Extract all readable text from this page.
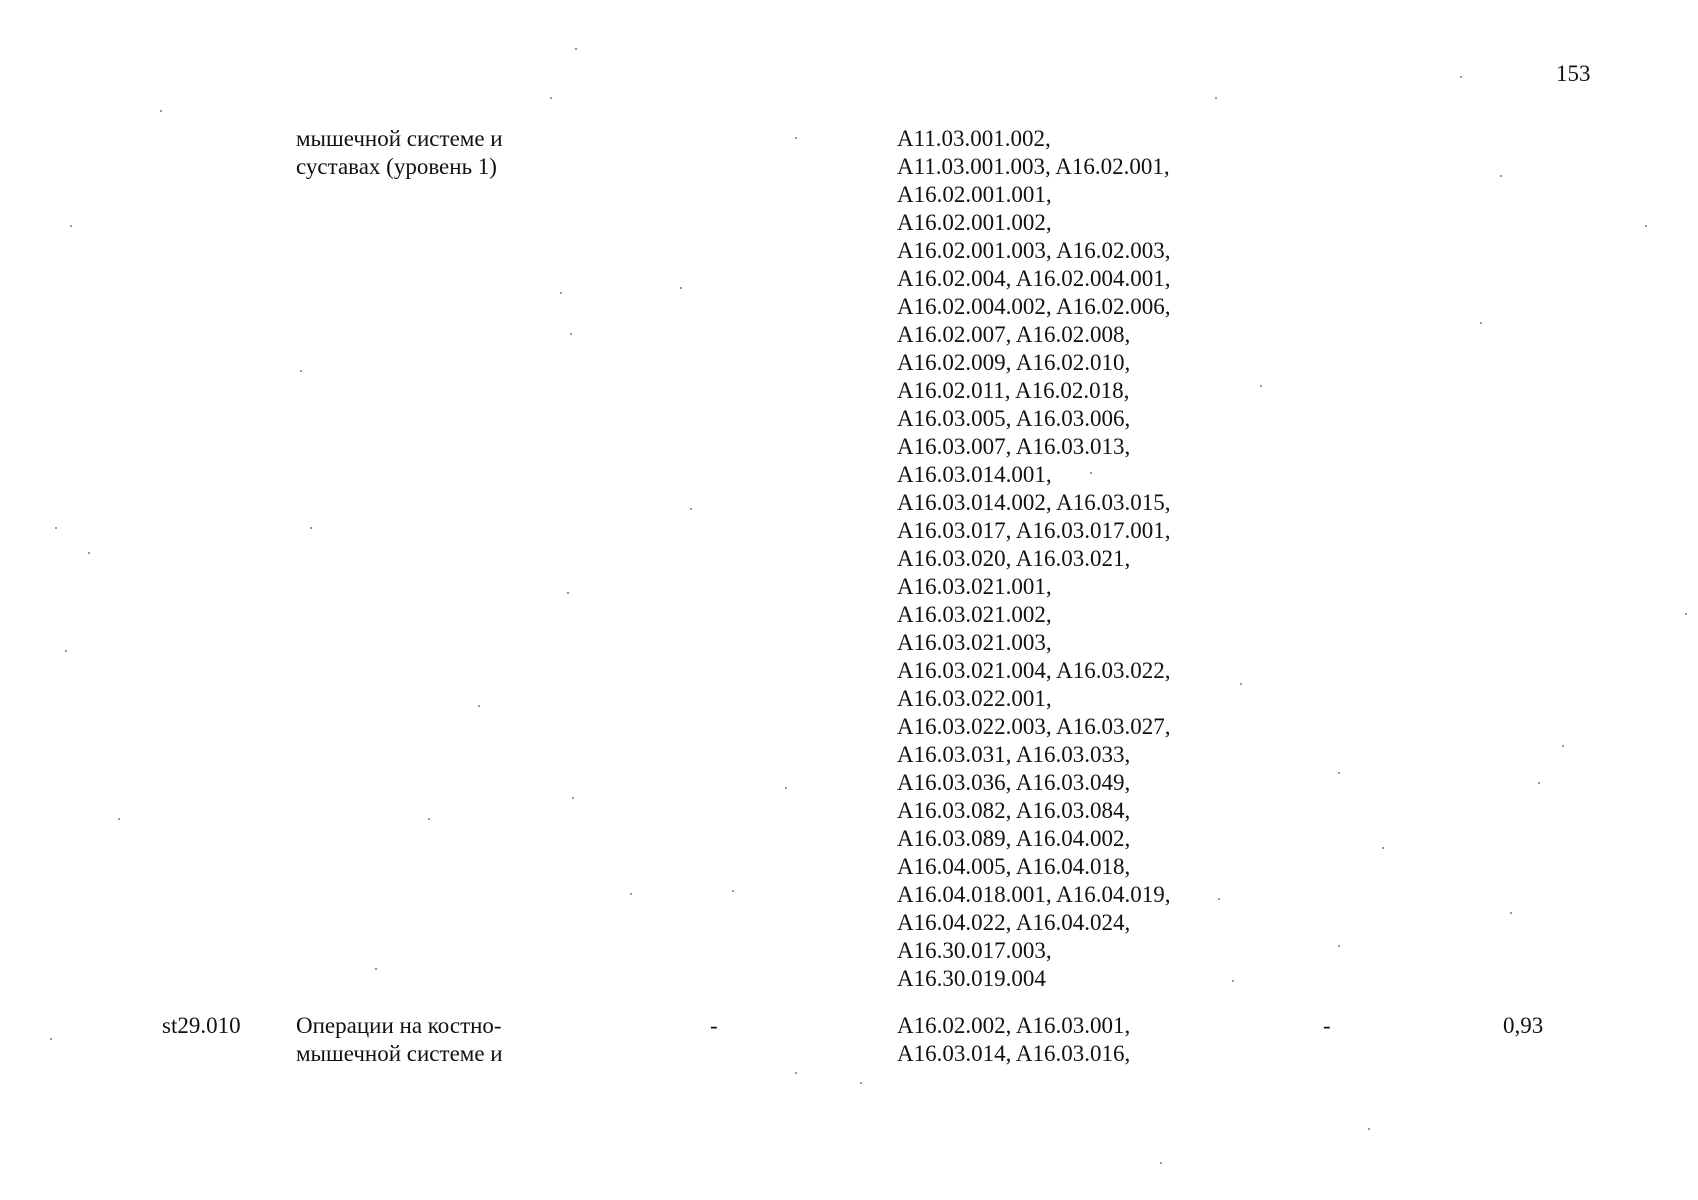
153
мышечной системе и
суставах (уровень 1)
A11.03.001.002,
A11.03.001.003, A16.02.001,
A16.02.001.001,
A16.02.001.002,
A16.02.001.003, A16.02.003,
A16.02.004, A16.02.004.001,
A16.02.004.002, A16.02.006,
A16.02.007, A16.02.008,
A16.02.009, A16.02.010,
A16.02.011, A16.02.018,
A16.03.005, A16.03.006,
A16.03.007, A16.03.013,
A16.03.014.001,
A16.03.014.002, A16.03.015,
A16.03.017, A16.03.017.001,
A16.03.020, A16.03.021,
A16.03.021.001,
A16.03.021.002,
A16.03.021.003,
A16.03.021.004, A16.03.022,
A16.03.022.001,
A16.03.022.003, A16.03.027,
A16.03.031, A16.03.033,
A16.03.036, A16.03.049,
A16.03.082, A16.03.084,
A16.03.089, A16.04.002,
A16.04.005, A16.04.018,
A16.04.018.001, A16.04.019,
A16.04.022, A16.04.024,
A16.30.017.003,
A16.30.019.004
st29.010 Операции на костно-
мышечной системе и
-	A16.02.002, A16.03.001,
A16.03.014, A16.03.016,
-	0,93
